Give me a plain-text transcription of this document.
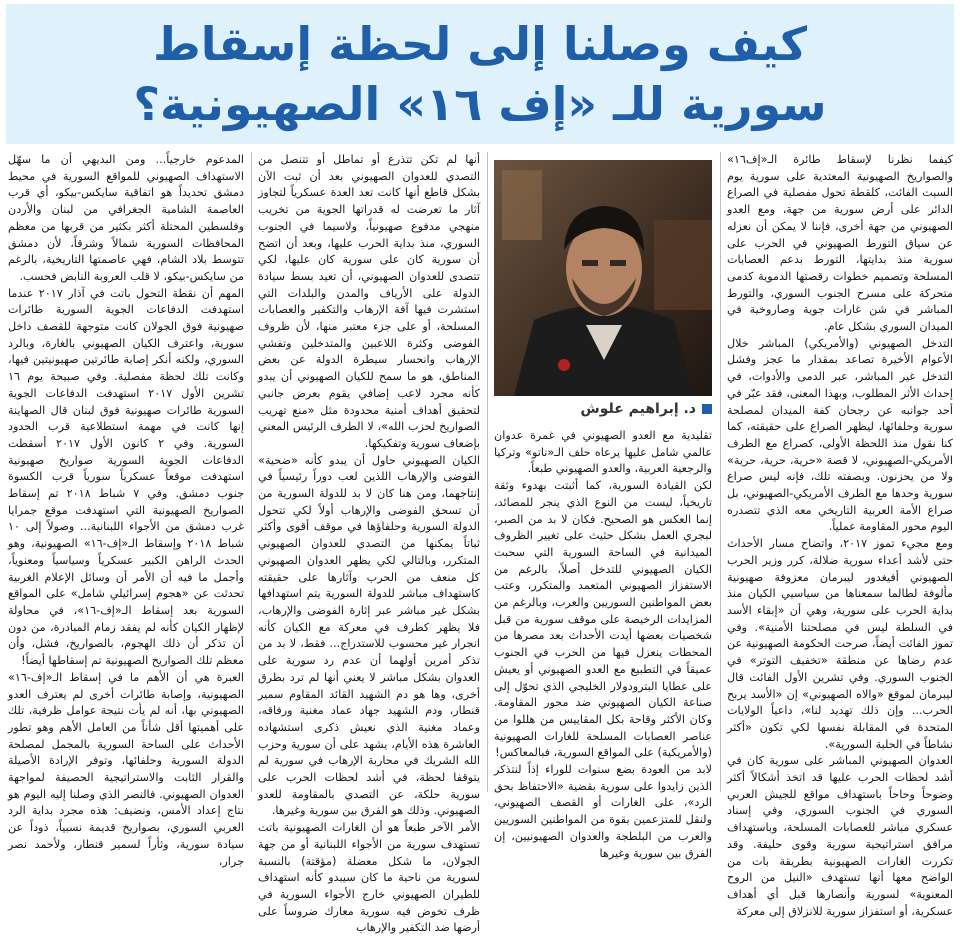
كيف وصلنا إلى لحظة إسقاط
سورية للـ «إف ١٦» الصهيونية؟

كيفما نظرنا لإسقاط طائرة الـ«إف١٦» والصواريخ الصهيونية المعتدية على سورية يوم السبت الفائت، كلقطة تحول مفصلية في الصراع الدائر على أرض سورية من جهة، ومع العدو الصهيوني من جهة أخرى، فإننا لا يمكن أن نعزله عن سياق التورط الصهيوني في الحرب على سورية منذ بدايتها، التورط بدعم العصابات المسلحة وتصميم خطوات رقصتها الدموية كدمى متحركة على مسرح الجنوب السوري، والتورط المباشر في شن غارات جوية وصاروخية في الميدان السوري بشكل عام.

التدخل الصهيوني (والأمريكي) المباشر خلال الأعوام الأخيرة تصاعد بمقدار ما عجز وفشل التدخل غير المباشر، عبر الدمى والأدوات، في إحداث الأثر المطلوب، وبهذا المعنى، فقد عبّر في أحد جوانبه عن رجحان كفة الميدان لمصلحة سورية وحلفائها، ليظهر الصراع على حقيقته، كما كنا نقول منذ اللحظة الأولى، كصراع مع الطرف الأمريكي-الصهيوني، لا قصة «حرية، حرية، حرية» ولا من يحزنون. وبصفته تلك، فإنه ليس صراع سورية وحدها مع الطرف الأمريكي-الصهيوني، بل صراع الأمة العربية التاريخي معه الذي تتصدره اليوم محور المقاومة عملياً.

ومع مجيء تموز ٢٠١٧، واتضاح مسار الأحداث حتى لأشد أعداء سورية ضلالة، كرر وزير الحرب الصهيوني أفيغدور ليبرمان معزوفة صهيونية مألوفة لطالما سمعناها من سياسيي الكيان منذ بداية الحرب على سورية، وهي أن «إبقاء الأسد في السلطة ليس في مصلحتنا الأمنية». وفي تموز الفائت أيضاً، صرحت الحكومة الصهيونية عن عدم رضاها عن منطقة «تخفيف التوتر» في الجنوب السوري. وفي تشرين الأول الفائت قال ليبرمان لموقع «والاه الصهيوني» إن «الأسد يربح الحرب... وإن ذلك تهديد لنا»، داعياً الولايات المتحدة في المقابلة نفسها لكي تكون «أكثر نشاطاً في الحلبة السورية».

العدوان الصهيوني المباشر على سورية كان في أشد لحظات الحرب عليها قد اتخذ أشكالاً أكثر وضوحاً وحاحاً باستهداف مواقع للجيش العربي السوري في الجنوب السوري، وفي إسناد عسكري مباشر للعصابات المسلحة، وباستهداف مرافق استراتيجية سورية وقوى حليفة. وقد تكررت الغارات الصهيونية بطريقة بات من الواضح معها أنها تستهدف «النيل من الروح المعنوية» لسورية وأنصارها قبل أي أهداف عسكرية، أو استفزاز سورية للانزلاق إلى معركة

د. إبراهيم علوش

تقليدية مع العدو الصهيوني في غمرة عدوان عالمي شامل عليها يرعاه حلف الـ«ناتو» وتركيا والرجعية العربية، والعدو الصهيوني طبعاً.

لكن القيادة السورية، كما أثبتت بهدوء وثقة تاريخياً، ليست من النوع الذي ينجر للمصائد، إنما العكس هو الصحيح. فكان لا بد من الصبر، لبجري العمل بشكل حثيث على تغيير الظروف الميدانية في الساحة السورية التي سحبت الكيان الصهيوني للتدخل أصلاً، بالرغم من الاستفزاز الصهيوني المتعمد والمتكرر، وعتب بعض المواطنين السوريين والعرب، وبالرغم من المزايدات الرخيصة على موقف سورية من قبل شخصيات بعضها أيدت الأحداث بعد مصرها من المحطات ينعزل فيها من الحرب في الجنوب عميقاً في التطبيع مع العدو الصهيوني أو يعيش على عطايا البترودولار الخليجي الذي تحوّل إلى صناعة الكيان الصهيوني ضد محور المقاومة. وكان الأكثر وقاحة بكل المقاييس من هللوا من عناصر العصابات المسلحة للغارات الصهيونية (والأمريكية) على المواقع السورية، فبالمعاكس!

لابد من العودة بضع سنوات للوراء إذاً لنتذكر الذين زايدوا على سورية بقضية «الاحتفاظ بحق الرد»، على الغارات أو القصف الصهيوني، ولنقل للمتزعمين بقوة من المواطنين السوريين والعرب من البلطجة والعدوان الصهيونيين، إن الفرق بين سورية وغيرها

أنها لم تكن تتذرع أو تماطل أو تتنصل من التصدي للعدوان الصهيوني بعد أن ثبت الآن بشكل قاطع أنها كانت تعد العدة عسكرياً لتجاوز آثار ما تعرضت له قدراتها الجوية من تخريب منهجي مدفوع صهيونياً، ولاسيما في الجنوب السوري، منذ بداية الحرب عليها، وبعد أن اتضح أن سورية كان على سورية كان عليها، لكي تتصدى للعدوان الصهيوني، أن تعيد بسط سيادة الدولة على الأرياف والمدن والبلدات التي استشرت فيها آفة الإرهاب والتكفير والعصابات المسلحة، أو على جزء معتبر منها، لأن ظروف الفوضى وكثرة اللاعبين والمتدخلين وتفشي الإرهاب وانحسار سيطرة الدولة عن بعض المناطق، هو ما سمح للكيان الصهيوني أن يبدو كأنه مجرد لاعب إضافي يقوم بعرض جانبي لتحقيق أهداف أمنية محدودة مثل «منع تهريب الصواريخ لحزب الله»، لا الطرف الرئيس المعني بإضعاف سورية وتفكيكها.

الكيان الصهيوني حاول أن يبدو كأنه «ضحية» الفوضى والإرهاب اللذين لعب دوراً رئيسياً في إنتاجهما، ومن هنا كان لا بد للدولة السورية من أن تسحق الفوضى والإرهاب أولاً لكي تتحول الدولة السورية وحلفاؤها في موقف أقوى وأكثر ثباتاً يمكنها من التصدي للعدوان الصهيوني المتكرر، وبالتالي لكي يظهر العدوان الصهيوني كل منعف من الحرب وآثارها على حقيقته كاستهداف مباشر للدولة السورية يتم استهدافها بشكل غير مباشر عبر إثارة الفوضى والإرهاب، فلا يظهر كطرف في معركة مع الكيان كأنه انجرار غير محسوب للاستدراج... فقط، لا بد من تذكر أمرين أولهما أن عدم رد سورية على العدوان بشكل مباشر لا يعني أنها لم ترد بطرق أخرى، وها هو دم الشهيد القائد المقاوم سمير قنطار، ودم الشهيد جهاد عماد مغنية ورفاقه، وعماد مغنية الذي نعيش ذكرى استشهاده العاشرة هذه الأيام، يشهد على أن سورية وحزب الله الشريك في محاربة الإرهاب في سورية لم يتوقفا لحظة، في أشد لحظات الحرب على سورية حلكة، عن التصدي بالمقاومة للعدو الصهيوني. وذلك هو الفرق بين سورية وغيرها.

الأمر الآخر طبعاً هو أن الغارات الصهيونية باتت تستهدف سورية من الأجواء اللبنانية أو من جهة الجولان، ما شكل معضلة (مؤقتة) بالنسبة لسورية من ناحية ما كان سيبدو كأنه استهداف للطيران الصهيوني خارج الأجواء السورية في ظرف تخوض فيه سورية معارك ضروساً على أرضها ضد التكفير والإرهاب

المدعوم خارجياً... ومن البديهي أن ما سهّل الاستهداف الصهيوني للمواقع السورية في محيط دمشق تحديداً هو اتفاقية سايكس-بيكو، أي قرب العاصمة الشامية الجغرافي من لبنان والأردن وفلسطين المحتلة أكثر بكثير من قربها من معظم المحافظات السورية شمالاً وشرقاً، لأن دمشق تتوسط بلاد الشام، فهي عاصمتها التاريخية، بالرغم من سايكس-بيكو، لا قلب العروبة النابض فحسب.

المهم أن نقطة التحول باتت في آذار ٢٠١٧ عندما استهدفت الدفاعات الجوية السورية طائرات صهيونية فوق الجولان كانت متوجهة للقصف داخل سورية، واعترف الكيان الصهيوني بالغارة، وبالرد السوري، ولكنه أنكر إصابة طائرتين صهيونيتين فيها، وكانت تلك لحظة مفصلية. وفي صبيحة يوم ١٦ تشرين الأول ٢٠١٧ استهدفت الدفاعات الجوية السورية طائرات صهيونية فوق لبنان قال الصهاينة إنها كانت في مهمة استطلاعية قرب الحدود السورية. وفي ٢ كانون الأول ٢٠١٧ أسقطت الدفاعات الجوية السورية صواريخ صهيونية استهدفت موقعاً عسكرياً سورياً قرب الكسوة جنوب دمشق. وفي ٧ شباط ٢٠١٨ تم إسقاط الصواريخ الصهيونية التي استهدفت موقع جمرايا غرب دمشق من الأجواء اللبنانية... وصولاً إلى ١٠ شباط ٢٠١٨ وإسقاط الـ«إف-١٦» الصهيونية، وهو الحدث الراهن الكبير عسكرياً وسياسياً ومعنوياً، وأجمل ما فيه أن الأمر أن وسائل الإعلام الغربية تحدثت عن «هجوم إسرائيلي شامل» على المواقع السورية بعد إسقاط الـ«إف-١٦»، في محاولة لإظهار الكيان كأنه لم يفقد زمام المبادرة، من دون أن تذكر أن ذلك الهجوم، بالصواريخ، فشل، وأن معظم تلك الصواريخ الصهيونية تم إسقاطها أيضاً!

العبرة هي أن الأهم ما في إسقاط الـ«إف-١٦» الصهيونية، وإصابة طائرات أخرى لم يعترف العدو الصهيوني بها، أنه لم يأت نتيجة عوامل ظرفية، تلك على أهميتها أقل شأناً من العامل الأهم وهو تطور الأحداث على الساحة السورية بالمجمل لمصلحة الدولة السورية وحلفائها، وتوفر الإرادة الأصيلة والقرار الثابت والاستراتيجية الحصيفة لمواجهة العدوان الصهيوني. فالنصر الذي وصلنا إليه اليوم هو نتاج إعداد الأمس، ونضيف: هذه مجرد بداية الرد العربي السوري، بصواريخ قديمة نسبياً، ذوداً عن سيادة سورية، وثأراً لسمير قنطار، ولأحمد نصر جرار،
